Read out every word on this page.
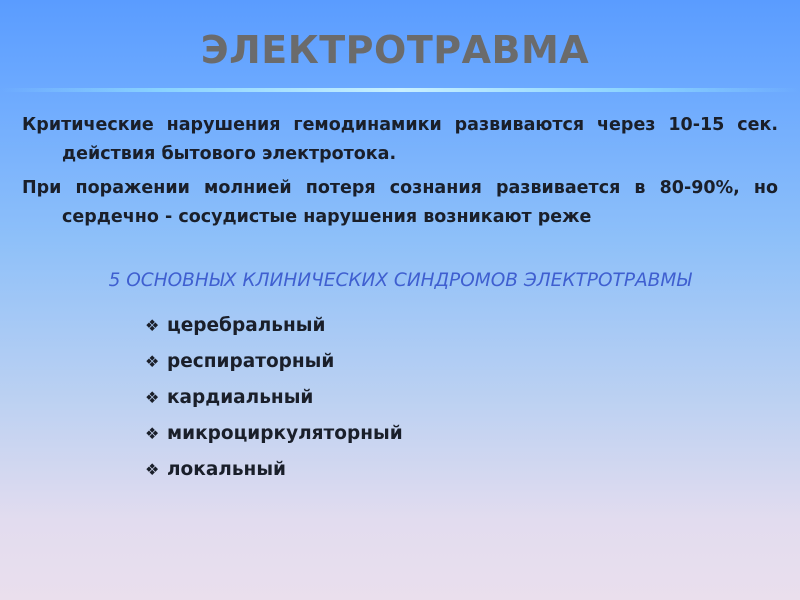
ЭЛЕКТРОТРАВМА
Критические нарушения гемодинамики развиваются через 10-15 сек. действия бытового электротока.
При поражении молнией потеря сознания развивается в 80-90%, но сердечно - сосудистые нарушения возникают реже
5 ОСНОВНЫХ КЛИНИЧЕСКИХ СИНДРОМОВ ЭЛЕКТРОТРАВМЫ
❖ церебральный
❖ респираторный
❖ кардиальный
❖ микроциркуляторный
❖ локальный
